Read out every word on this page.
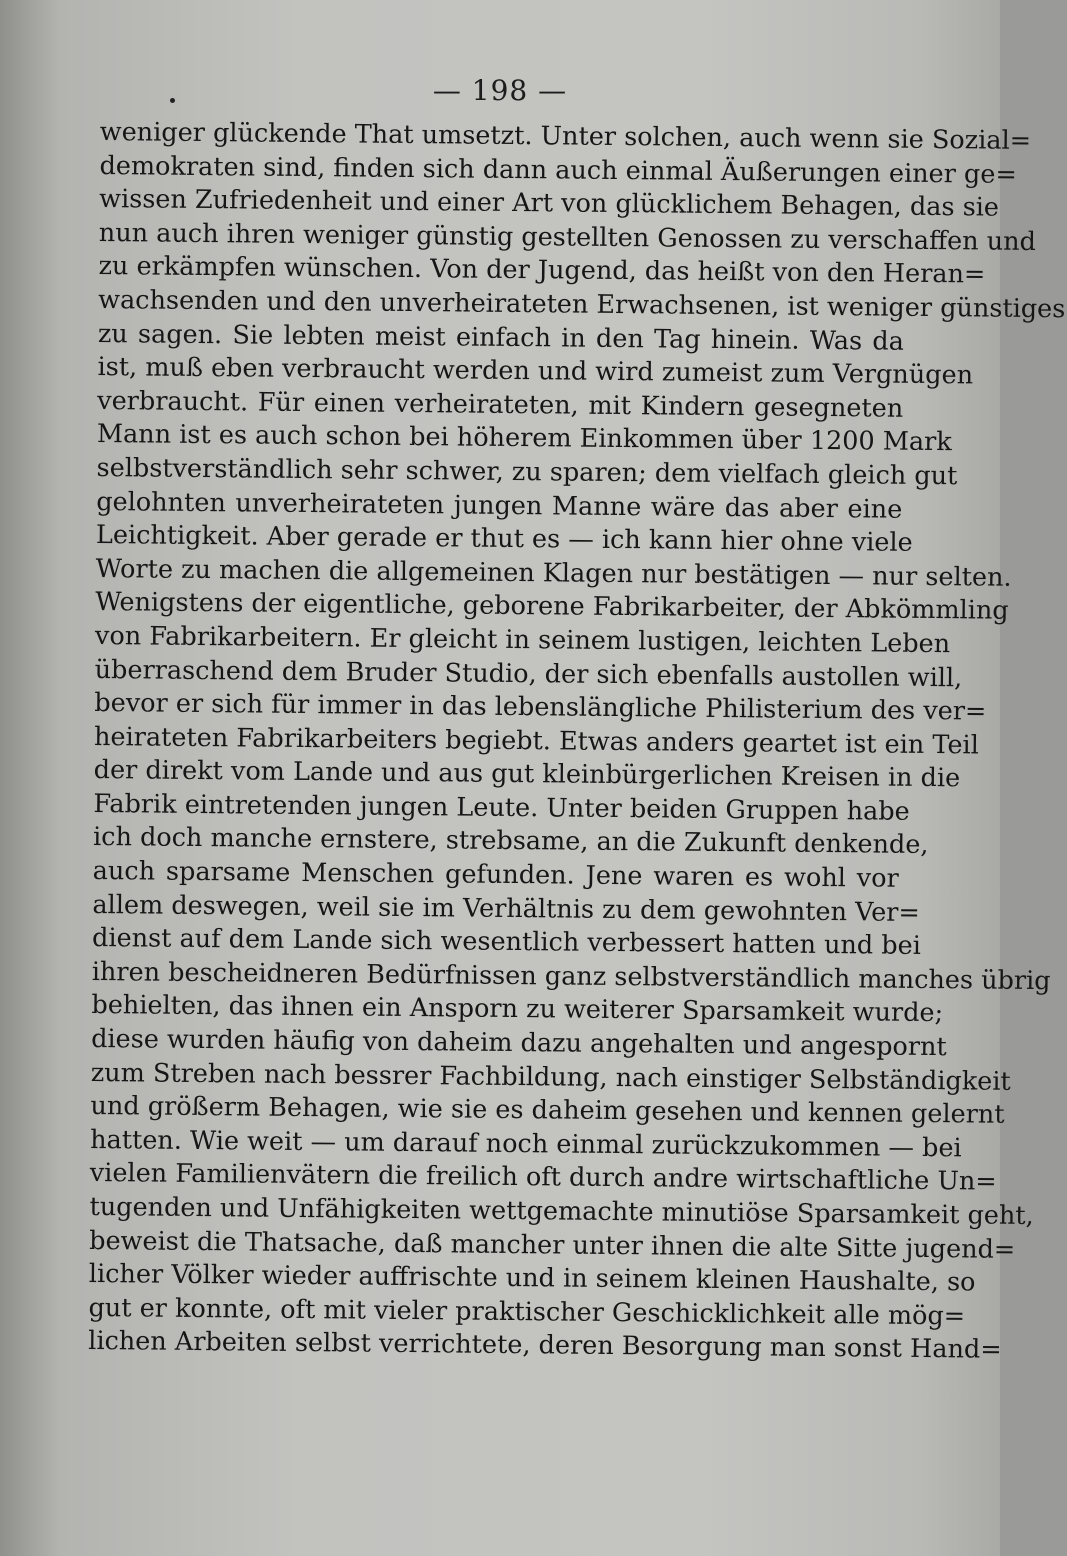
— 198 —
weniger glückende That umsetzt. Unter solchen, auch wenn sie Sozial=
demokraten sind, finden sich dann auch einmal Äußerungen einer ge=
wissen Zufriedenheit und einer Art von glücklichem Behagen, das sie
nun auch ihren weniger günstig gestellten Genossen zu verschaffen und
zu erkämpfen wünschen. Von der Jugend, das heißt von den Heran=
wachsenden und den unverheirateten Erwachsenen, ist weniger günstiges
zu sagen. Sie lebten meist einfach in den Tag hinein. Was da
ist, muß eben verbraucht werden und wird zumeist zum Vergnügen
verbraucht. Für einen verheirateten, mit Kindern gesegneten
Mann ist es auch schon bei höherem Einkommen über 1200 Mark
selbstverständlich sehr schwer, zu sparen; dem vielfach gleich gut
gelohnten unverheirateten jungen Manne wäre das aber eine
Leichtigkeit. Aber gerade er thut es — ich kann hier ohne viele
Worte zu machen die allgemeinen Klagen nur bestätigen — nur selten.
Wenigstens der eigentliche, geborene Fabrikarbeiter, der Abkömmling
von Fabrikarbeitern. Er gleicht in seinem lustigen, leichten Leben
überraschend dem Bruder Studio, der sich ebenfalls austollen will,
bevor er sich für immer in das lebenslängliche Philisterium des ver=
heirateten Fabrikarbeiters begiebt. Etwas anders geartet ist ein Teil
der direkt vom Lande und aus gut kleinbürgerlichen Kreisen in die
Fabrik eintretenden jungen Leute. Unter beiden Gruppen habe
ich doch manche ernstere, strebsame, an die Zukunft denkende,
auch sparsame Menschen gefunden. Jene waren es wohl vor
allem deswegen, weil sie im Verhältnis zu dem gewohnten Ver=
dienst auf dem Lande sich wesentlich verbessert hatten und bei
ihren bescheidneren Bedürfnissen ganz selbstverständlich manches übrig
behielten, das ihnen ein Ansporn zu weiterer Sparsamkeit wurde;
diese wurden häufig von daheim dazu angehalten und angespornt
zum Streben nach bessrer Fachbildung, nach einstiger Selbständigkeit
und größerm Behagen, wie sie es daheim gesehen und kennen gelernt
hatten. Wie weit — um darauf noch einmal zurückzukommen — bei
vielen Familienvätern die freilich oft durch andre wirtschaftliche Un=
tugenden und Unfähigkeiten wettgemachte minutiöse Sparsamkeit geht,
beweist die Thatsache, daß mancher unter ihnen die alte Sitte jugend=
licher Völker wieder auffrischte und in seinem kleinen Haushalte, so
gut er konnte, oft mit vieler praktischer Geschicklichkeit alle mög=
lichen Arbeiten selbst verrichtete, deren Besorgung man sonst Hand=
